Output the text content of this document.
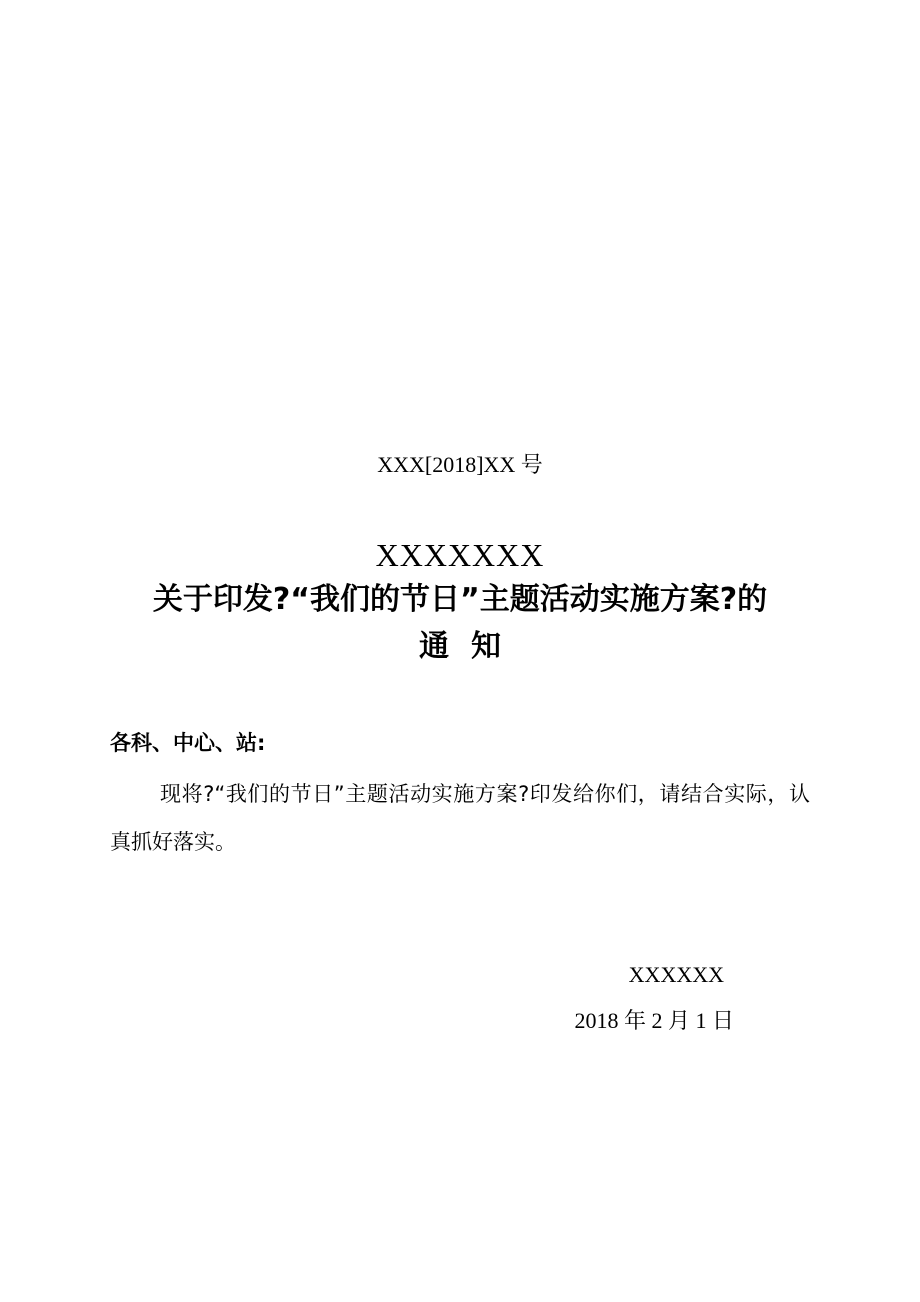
XXX[2018]XX 号
XXXXXXX
关于印发?“我们的节日”主题活动实施方案?的
通知
各科、中心、站:
现将?“我们的节日”主题活动实施方案?印发给你们，请结合实际，认真抓好落实。
XXXXXX
2018 年 2 月 1 日
